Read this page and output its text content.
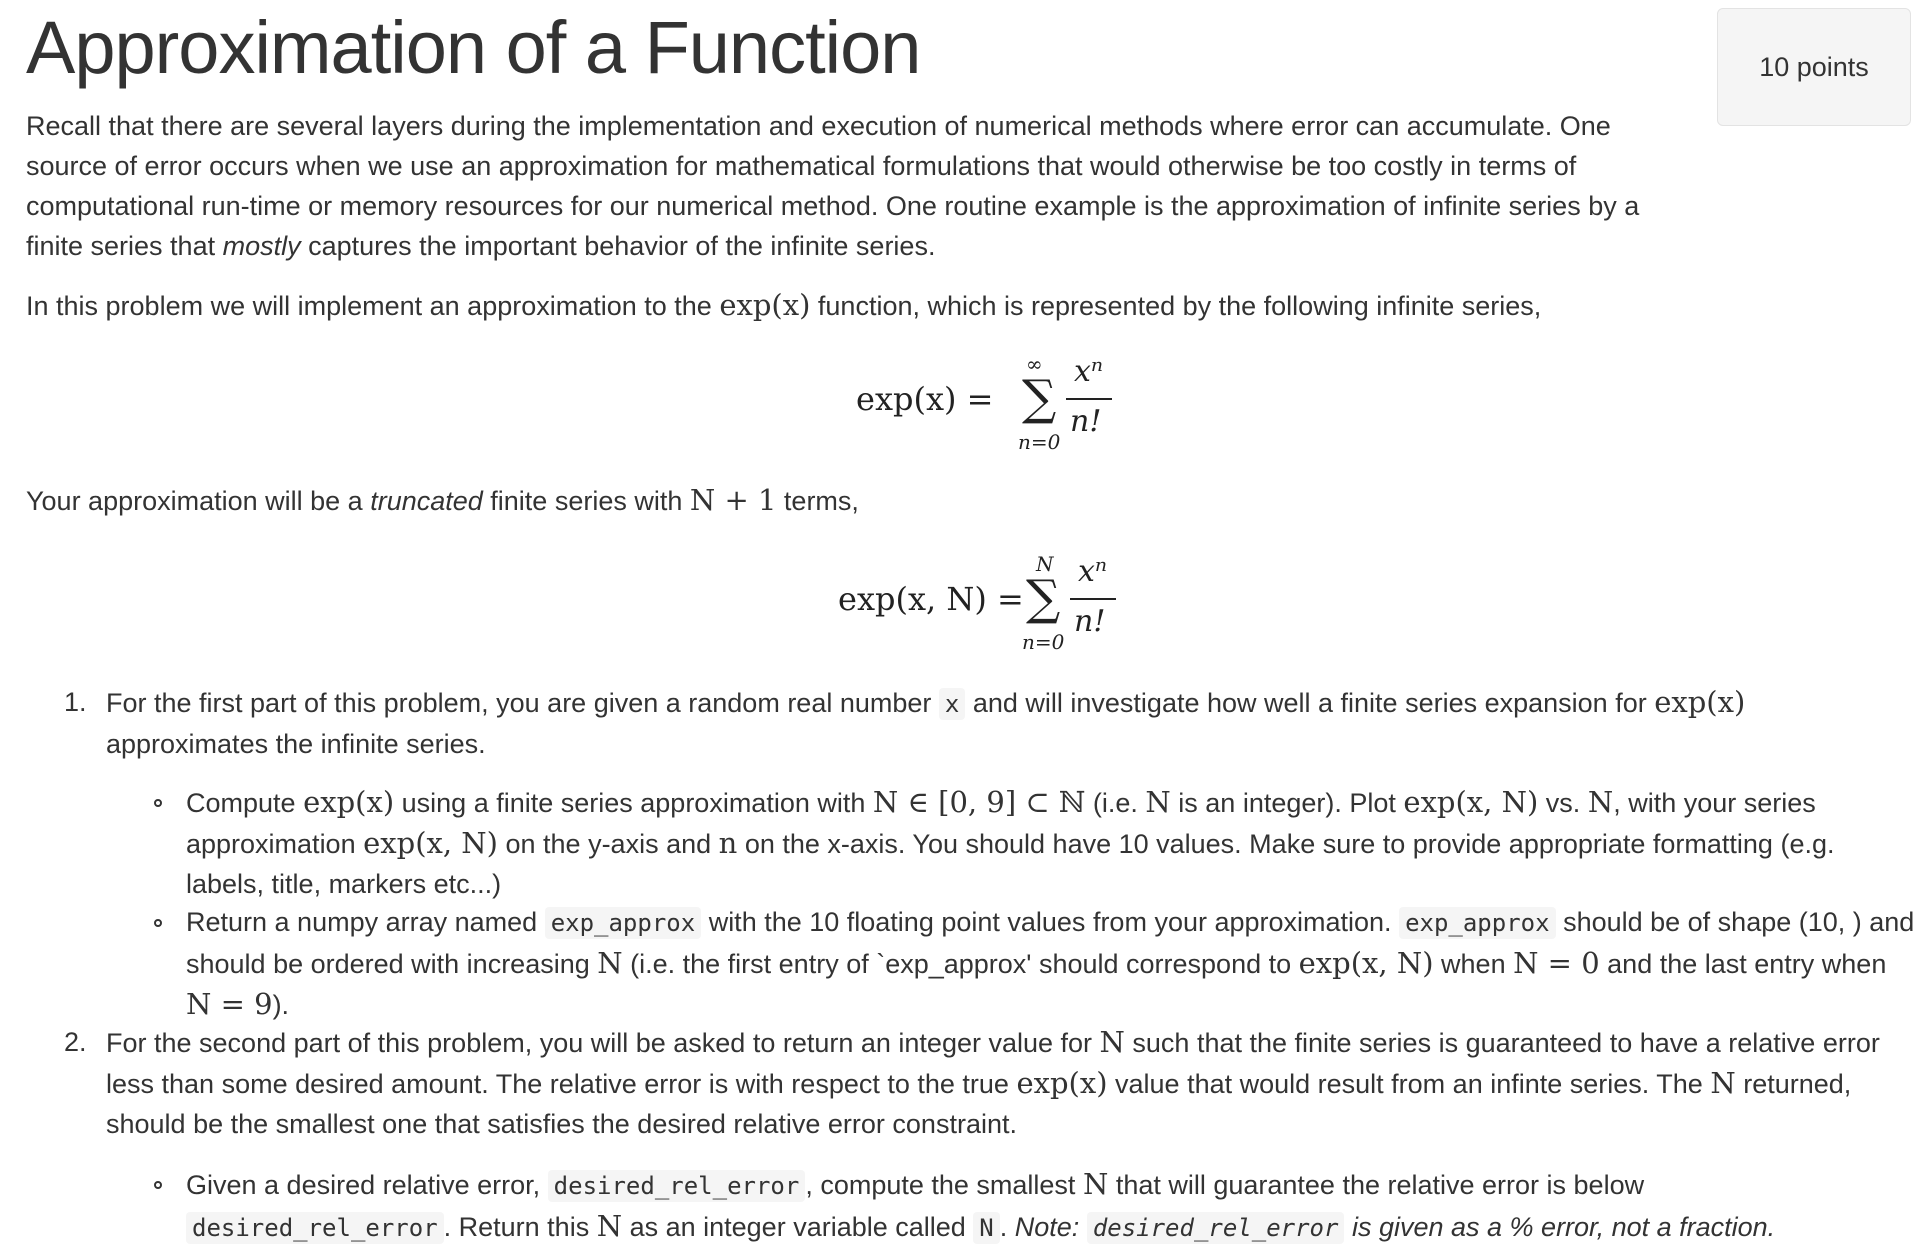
Approximation of a Function	10 points

Recall that there are several layers during the implementation and execution of numerical methods where error can accumulate. One source of error occurs when we use an approximation for mathematical formulations that would otherwise be too costly in terms of computational run-time or memory resources for our numerical method. One routine example is the approximation of infinite series by a finite series that mostly captures the important behavior of the infinite series.

In this problem we will implement an approximation to the exp(x) function, which is represented by the following infinite series,

exp(x) =
∞
∑
n=0
xⁿ
n!

Your approximation will be a truncated finite series with N + 1 terms,

exp(x, N) =
N
∑
n=0
xⁿ
n!
1. For the first part of this problem, you are given a random real number x and will investigate how well a finite series expansion for exp(x) approximates the infinite series.

Compute exp(x) using a finite series approximation with N ∈ [0, 9] ⊂ ℕ (i.e. N is an integer). Plot exp(x, N) vs. N, with your series approximation exp(x, N) on the y-axis and n on the x-axis. You should have 10 values. Make sure to provide appropriate formatting (e.g. labels, title, markers etc...)
Return a numpy array named exp_approx with the 10 floating point values from your approximation. exp_approx should be of shape (10, ) and should be ordered with increasing N (i.e. the first entry of `exp_approx' should correspond to exp(x, N) when N = 0 and the last entry when N = 9).
2. For the second part of this problem, you will be asked to return an integer value for N such that the finite series is guaranteed to have a relative error less than some desired amount. The relative error is with respect to the true exp(x) value that would result from an infinte series. The N returned, should be the smallest one that satisfies the desired relative error constraint.

Given a desired relative error, desired_rel_error , compute the smallest N that will guarantee the relative error is below desired_rel_error . Return this N as an integer variable called N . Note: desired_rel_error is given as a % error, not a fraction.
